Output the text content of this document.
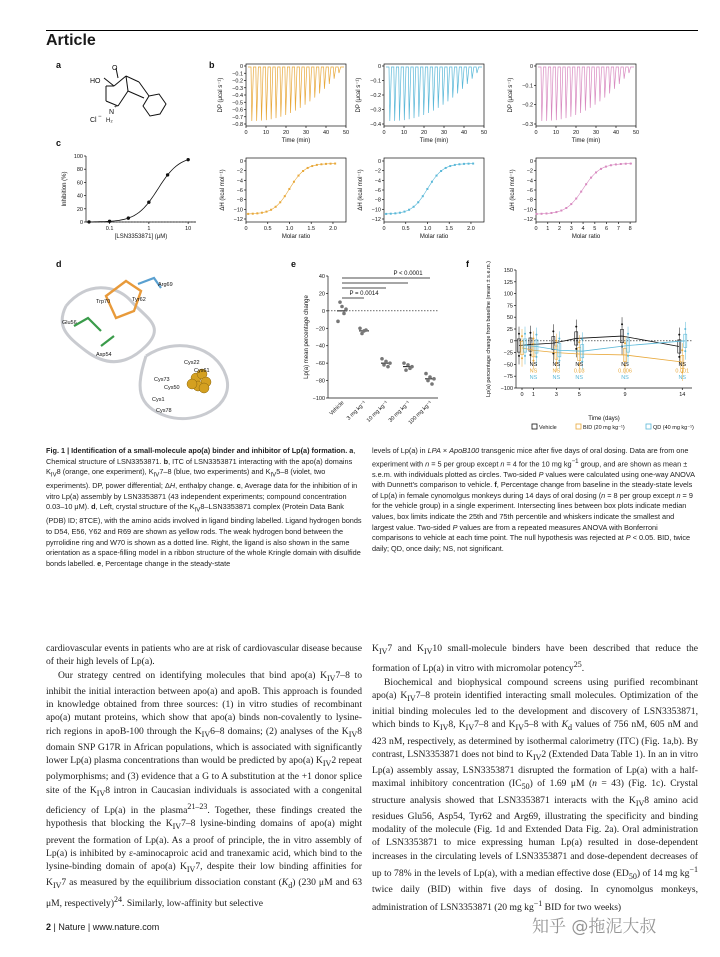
Article
a	b
c
d	e	f
O
HO
N
+
H₂
Cl −
0
−0.1
−0.2
−0.3
−0.4
−0.5
−0.6
−0.7
−0.8
0	10	20	30	40	50
Time (min)
DP (μcal s⁻¹)
0
−0.1
−0.2
−0.3
−0.4
0	10	20	30	40	50
Time (min)
DP (μcal s⁻¹)
0
−0.1
−0.2
−0.3
0	10	20	30	40	50
Time (min)
DP (μcal s⁻¹)
0
−2
−4
−6
−8
−10
−12
0	0.5	1.0	1.5	2.0
Molar ratio
ΔH (kcal mol⁻¹)
0
−2
−4
−6
−8
−10
−12
0	0.5	1.0	1.5	2.0
Molar ratio
ΔH (kcal mol⁻¹)
0
−2
−4
−6
−8
−10
−12
0 1 2 3 4 5 6 7 8
Molar ratio
ΔH (kcal mol⁻¹)
100
80
60
40
20
0
0.1	1	10
[LSN3353871] (μM)
Inhibition (%)
Trp70	Tyr62
Arg69
Glu56
Asp54
Cys22
Cys61
Cys73
Cys50
Cys1
Cys78
40
20
0
−20
−40
−60
−80
−100
Lp(a) mean percentage change
Vehicle 3 mg kg⁻¹
10 mg kg⁻¹
30 mg kg⁻¹
100 mg kg⁻¹
P < 0.0001
P = 0.0014
150
125
100
75
50
25
0
−25
−50
−75
−100
Lp(a) percentage change from baseline (mean ± s.e.m.)	0 1	3	5	9	14
Time (days)
NS	NS	NS	NS	NS
NS	NS 0.03	0.006	0.001
NS	NS	NS	NS	NS
Vehicle	BID (20 mg kg⁻¹)	QD (40 mg kg⁻¹)
Fig. 1 | Identification of a small-molecule apo(a) binder and inhibitor of Lp(a) formation. a, Chemical structure of LSN3353871. b, ITC of LSN3353871 interacting with the apo(a) domains $K_{IV}8$ (orange, one experiment), $K_{IV}7-8$ (blue, two experiments) and $K_{IV}5-8$ (violet, two experiments). DP, power differential; ΔH, enthalpy change. c, Average data for the inhibition of in vitro Lp(a) assembly by LSN3353871 (43 independent experiments; compound concentration 0.03–10 μM). d, Left, crystal structure of the $K_{IV}8-LSN3353871$ complex (Protein Data Bank (PDB) ID; 8TCE), with the amino acids involved in ligand binding labelled. Ligand hydrogen bonds to D54, E56, Y62 and R69 are shown as yellow rods. The weak hydrogen bond between the pyrrolidine ring and W70 is shown as a dotted line. Right, the ligand is also shown in the same orientation as a space-filling model in a ribbon structure of the whole Kringle domain with disulfide bonds labelled. e, Percentage change in the steady-state
levels of Lp(a) in LPA × ApoB100 transgenic mice after five days of oral dosing. Data are from one experiment with n = 5 per group except n = 4 for the 10 mg $kg^{-1}$ group, and are shown as mean ± s.e.m. with individuals plotted as circles. Two-sided P values were calculated using one-way ANOVA with Dunnett’s comparison to vehicle. f, Percentage change from baseline in the steady-state levels of Lp(a) in female cynomolgus monkeys during 14 days of oral dosing (n = 8 per group except n = 9 for the vehicle group) in a single experiment. Intersecting lines between box plots indicate median values, box limits indicate the 25th and 75th percentile and whiskers indicate the smallest and largest value. Two-sided P values are from a repeated measures ANOVA with Bonferroni comparisons to vehicle at each time point. The null hypothesis was rejected at P < 0.05. BID, twice daily; QD, once daily; NS, not significant.

cardiovascular events in patients who are at risk of cardiovascular disease because of their high levels of Lp(a).

Our strategy centred on identifying molecules that bind apo(a) $K_{IV}7-8$ to inhibit the initial interaction between apo(a) and apoB. This approach is founded in knowledge obtained from three sources: (1) in vitro studies of recombinant apo(a) mutant proteins, which show that apo(a) binds non-covalently to lysine-rich regions in apoB-100 through the $K_{IV}6-8$ domains; (2) analyses of the $K_{IV}8$ domain SNP G17R in African populations, which is associated with significantly lower Lp(a) plasma concentrations than would be predicted by apo(a) $K_{IV}2$ repeat polymorphisms; and (3) evidence that a G to A substitution at the +1 donor splice site of the $K_{IV}8$ intron in Caucasian individuals is associated with a congenital deficiency of Lp(a) in the plasma$^{21-23}$. Together, these findings created the hypothesis that blocking the $K_{IV}7-8$ lysine-binding domains of apo(a) might prevent the formation of Lp(a). As a proof of principle, the in vitro assembly of Lp(a) is inhibited by ε-aminocaproic acid and tranexamic acid, which bind to the lysine-binding domain of apo(a) $K_{IV}7$, despite their low binding affinities for $K_{IV}7$ as measured by the equilibrium dissociation constant $(K_d)$ (230 μM and 63 μM, respectively)$^{24}$. Similarly, low-affinity but selective

$K_{IV}7$ and $K_{IV}10$ small-molecule binders have been described that reduce the formation of Lp(a) in vitro with micromolar potency$^{25}$.

Biochemical and biophysical compound screens using purified recombinant apo(a) $K_{IV}7-8$ protein identified interacting small molecules. Optimization of the initial binding molecules led to the development and discovery of LSN3353871, which binds to $K_{IV}8$, $K_{IV}7-8$ and $K_{IV}5-8$ with $K_d$ values of 756 nM, 605 nM and 423 nM, respectively, as determined by isothermal calorimetry (ITC) (Fig. 1a,b). By contrast, LSN3353871 does not bind to $K_{IV}2$ (Extended Data Table 1). In an in vitro Lp(a) assembly assay, LSN3353871 disrupted the formation of Lp(a) with a half-maximal inhibitory concentration $(IC_{50})$ of 1.69 μM (n = 43) (Fig. 1c). Crystal structure analysis showed that LSN3353871 interacts with the $K_{IV}8$ amino acid residues Glu56, Asp54, Tyr62 and Arg69, illustrating the specificity and binding modality of the molecule (Fig. 1d and Extended Data Fig. 2a). Oral administration of LSN3353871 to mice expressing human Lp(a) resulted in dose-dependent increases in the circulating levels of LSN3353871 and dose-dependent decreases of up to 78% in the levels of Lp(a), with a median effective dose $(ED_{50})$ of 14 mg $kg^{-1}$ twice daily (BID) within five days of dosing. In cynomolgus monkeys, administration of LSN3353871 (20 mg $kg^{-1}$ BID for two weeks)

2 | Nature | www.nature.com	知乎 @拖泥大叔
